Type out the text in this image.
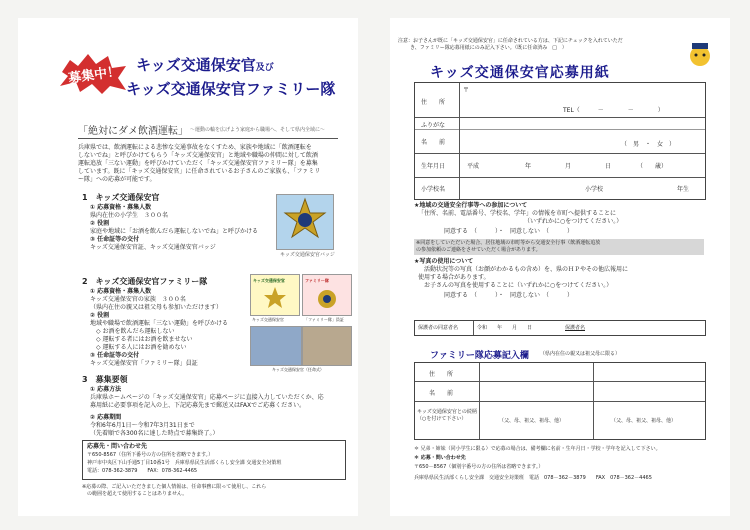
募集中！ キッズ交通保安官及び
キッズ交通保安官ファミリー隊
「絶対にダメ飲酒運転」 〜運動の輪を広げよう家庭から職場へ、そして県内全域に〜
兵庫県では、飲酒運転による悲惨な交通事故をなくすため、家族や地域に「飲酒運転を
しないでね」と呼びかけてもらう「キッズ交通保安官」と地域や職場の仲間に対して飲酒
運転追放「三ない運動」を呼びかけていただく「キッズ交通保安官ファミリー隊」を募集
しています。既に「キッズ交通保安官」に任命されているお子さんのご家族も、「ファミリ
ー隊」への応募が可能です。
1　キッズ交通保安官
① 応募資格・募集人数
県内在住の小学生　３００名
② 役割
家庭や地域に「お酒を飲んだら運転しないでね」と呼びかける
③ 任命証等の交付
キッズ交通保安官証、キッズ交通保安官バッジ
キッズ交通保安官バッジ
2　キッズ交通保安官ファミリー隊
① 応募資格・募集人数
キッズ交通保安官の家族　３００名
（県内在住の親又は祖父母も参加いただけます）
② 役割
地域や職場で飲酒運転「三ない運動」を呼びかける
◇ お酒を飲んだら運転しない
◇ 運転する者にはお酒を飲ませない
◇ 運転する人にはお酒を勧めない
③ 任命証等の交付
キッズ交通保安官「ファミリー隊」員証
キッズ交通保安官	ファミリー隊
キッズ交通保安官	「ファミリー隊」員証
キッズ交通保安官（任命式）
3　募集要領
① 応募方法
兵庫県ホームページの「キッズ交通保安官」応募ページに直接入力していただくか、応
募用紙に必要事項を記入の上、下記応募先まで郵送又はFAXでご応募ください。
② 応募期間
令和6年6月1日〜令和7年3月31日まで
（先着順で各300名に達した時点で募集終了。）
応募先・問い合わせ先
〒650-8567（住所下番号の方の住所を省略できます。）
神戸市中央区下山手通5丁目10番1号　兵庫県県民生活部くらし安全課 交通安全対策班
電話：078-362-3879　　FAX：078-362-4465
※応募の際、ご記入いただきました個人情報は、任命事務に限って使用し、これら
　の範囲を超えて使用することはありません。
注意：お子さんが既に「キッズ交通保安官」に任命されている方は、下記にチェックを入れていただ
き、ファミリー隊応募用紙にのみ記入下さい。（既に任命済み　□　）
キッズ交通保安官応募用紙
〒
住　　所
TEL（　　　－　　　　－　　　　）
ふりがな
名　　前	（　男　・　女　）
生年月日	平成	年	月	日	（　　歳）
小学校名	小学校	年生
★地域の交通安全行事等への参加について
「住所、名前、電話番号、学校名、学年」の情報を市町へ提供することに
（いずれかに○をつけてください。）
同意する　（　　　）・　同意しない　（　　　）
※同意をしていただいた場合、居住地域の市町等から交通安全行事（飲酒運転追放
の参加依頼のご連絡をさせていただく場合があります。
★写真の使用について
活動状況等の写真（お顔がわかるもの含め）を、県のＨＰやその他広報用に
使用する場合があります。
お子さんの写真を使用することに（いずれかに○をつけてください。）
同意する　（　　　）・　同意しない　（　　　）
保護者の同意者名	令和　　年　　月　　日	保護者名
ファミリー隊応募記入欄 （県内在住の親又は祖父母に限る）
住　　所
名　　前
キッズ交通保安官との続柄（○を付けて下さい）	（父、母、祖父、祖母、他）	（父、母、祖父、祖母、他）
＊ 兄弟・姉妹（同小学生に限る）で応募の場合は、備考欄に名前・生年月日・学校・学年を記入して下さい。
＊ 応募・問い合わせ先
〒650－8567（個別宇番号の方の住所は省略できます。）
兵庫県県民生活部くらし安全課　交通安全対策班　電話　078－362－3879　　FAX　078－362－4465
